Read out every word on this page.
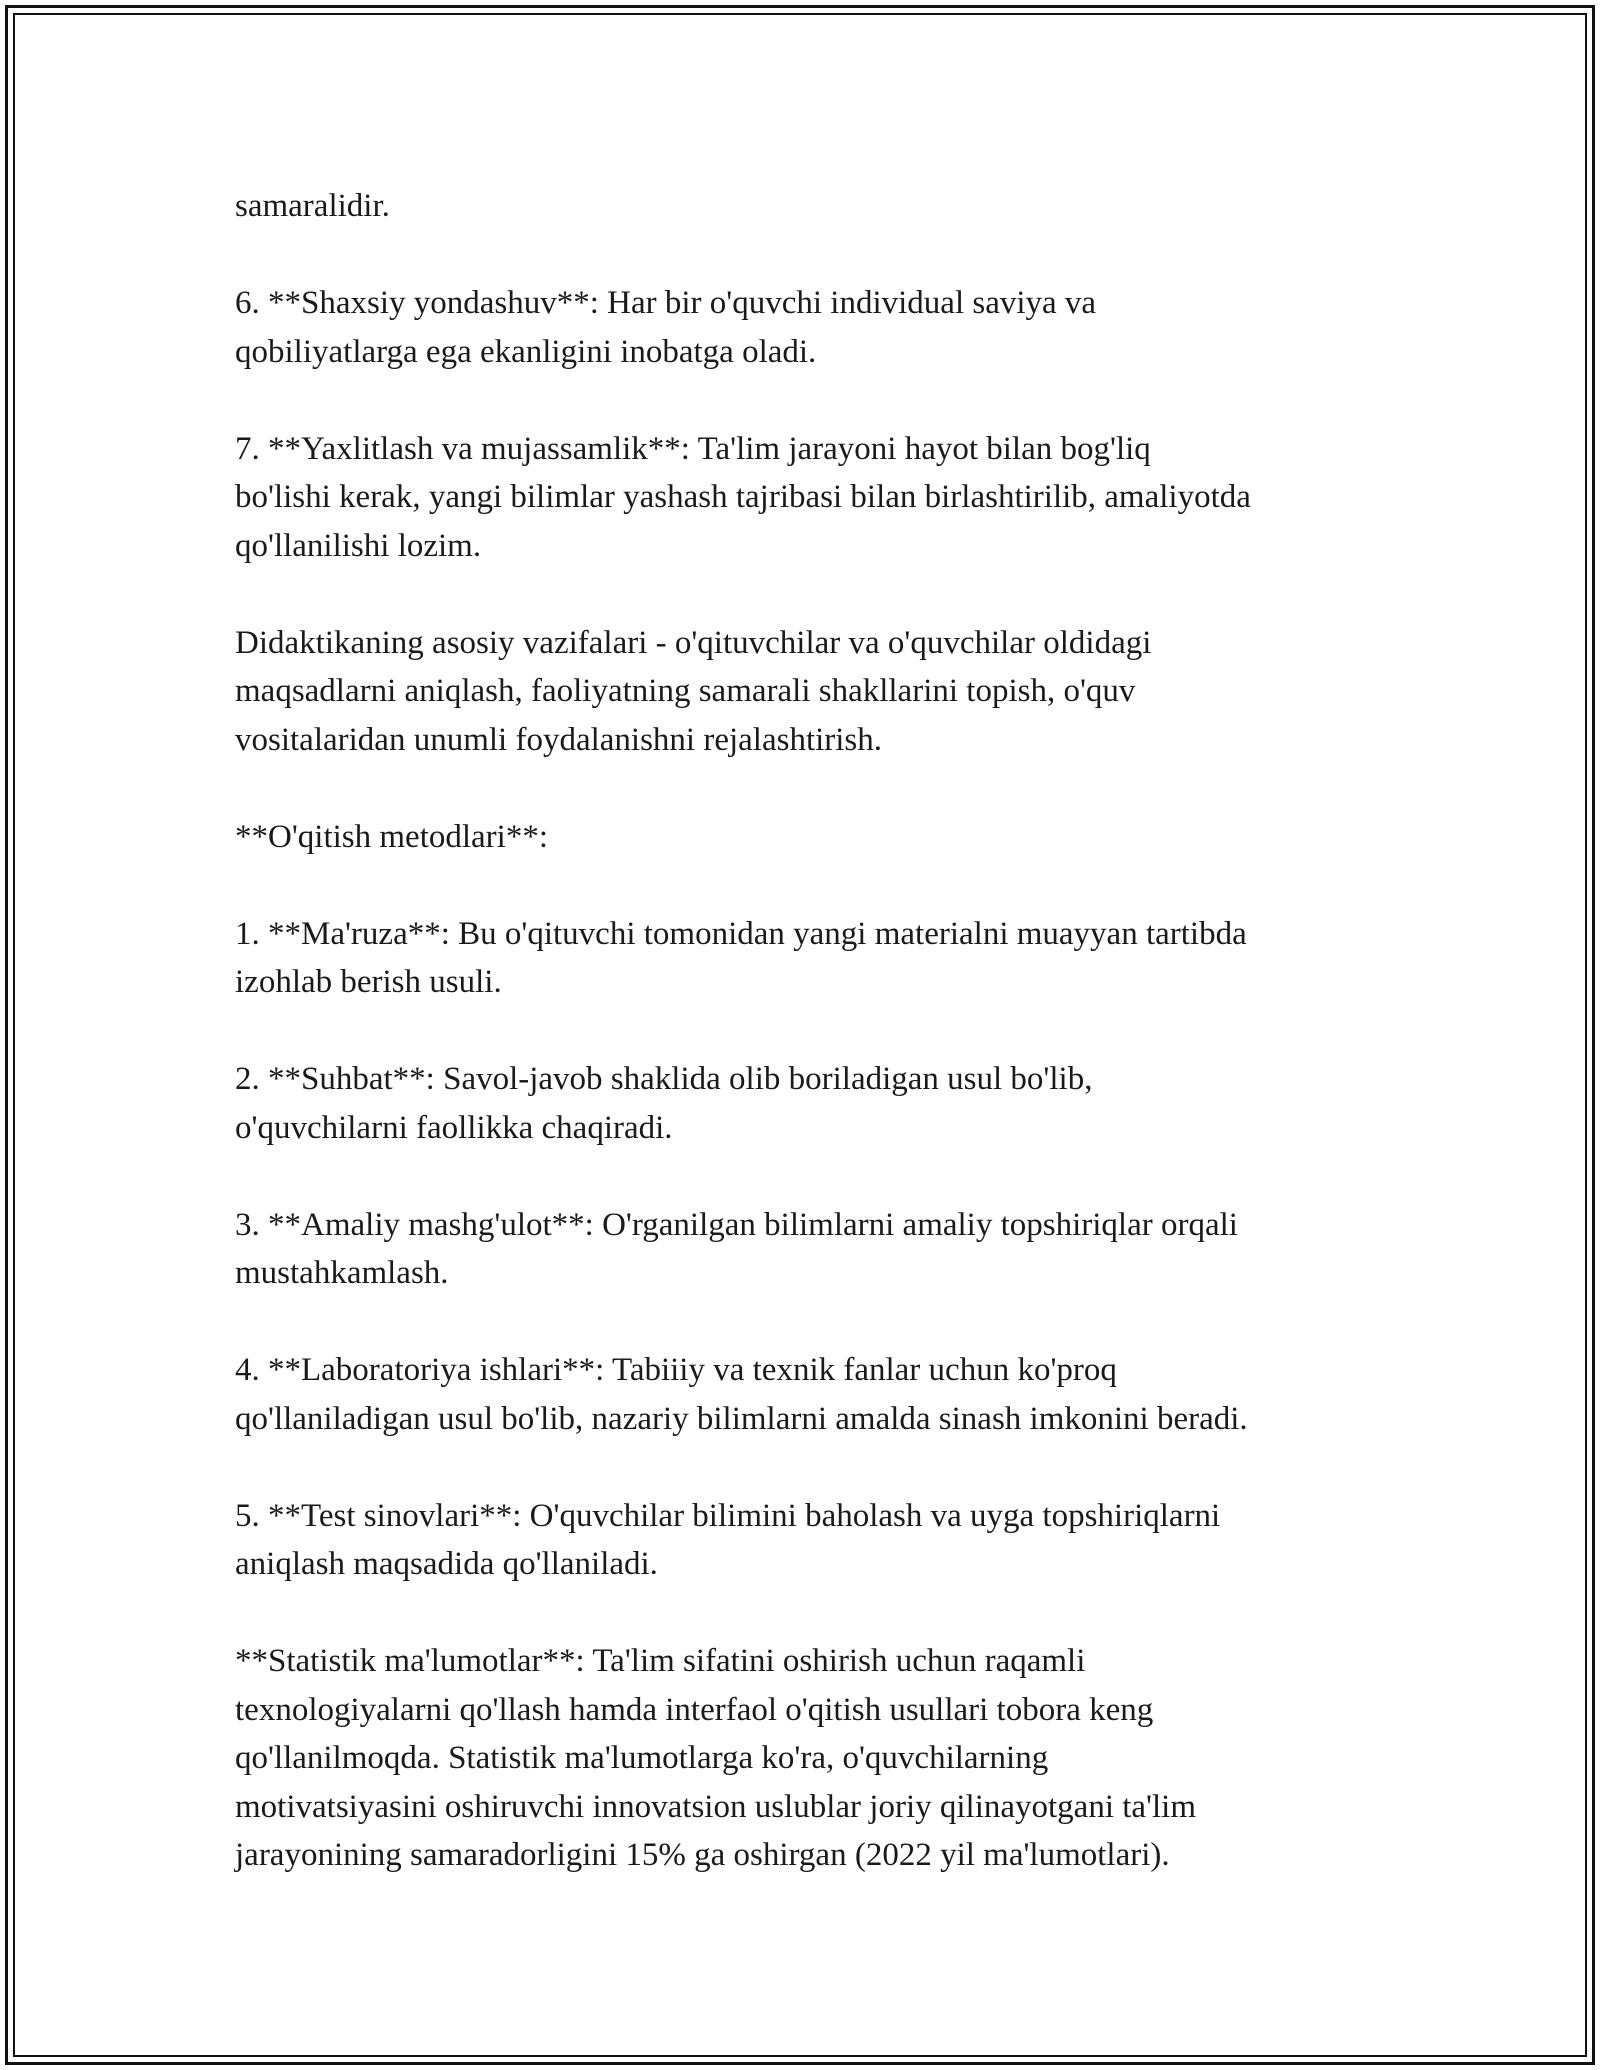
samaralidir.

6. **Shaxsiy yondashuv**: Har bir o'quvchi individual saviya va
qobiliyatlarga ega ekanligini inobatga oladi.

7. **Yaxlitlash va mujassamlik**: Ta'lim jarayoni hayot bilan bog'liq
bo'lishi kerak, yangi bilimlar yashash tajribasi bilan birlashtirilib, amaliyotda
qo'llanilishi lozim.

Didaktikaning asosiy vazifalari - o'qituvchilar va o'quvchilar oldidagi
maqsadlarni aniqlash, faoliyatning samarali shakllarini topish, o'quv
vositalaridan unumli foydalanishni rejalashtirish.

**O'qitish metodlari**:

1. **Ma'ruza**: Bu o'qituvchi tomonidan yangi materialni muayyan tartibda
izohlab berish usuli.

2. **Suhbat**: Savol-javob shaklida olib boriladigan usul bo'lib,
o'quvchilarni faollikka chaqiradi.

3. **Amaliy mashg'ulot**: O'rganilgan bilimlarni amaliy topshiriqlar orqali
mustahkamlash.

4. **Laboratoriya ishlari**: Tabiiiy va texnik fanlar uchun ko'proq
qo'llaniladigan usul bo'lib, nazariy bilimlarni amalda sinash imkonini beradi.

5. **Test sinovlari**: O'quvchilar bilimini baholash va uyga topshiriqlarni
aniqlash maqsadida qo'llaniladi.

**Statistik ma'lumotlar**: Ta'lim sifatini oshirish uchun raqamli
texnologiyalarni qo'llash hamda interfaol o'qitish usullari tobora keng
qo'llanilmoqda. Statistik ma'lumotlarga ko'ra, o'quvchilarning
motivatsiyasini oshiruvchi innovatsion uslublar joriy qilinayotgani ta'lim
jarayonining samaradorligini 15% ga oshirgan (2022 yil ma'lumotlari).
